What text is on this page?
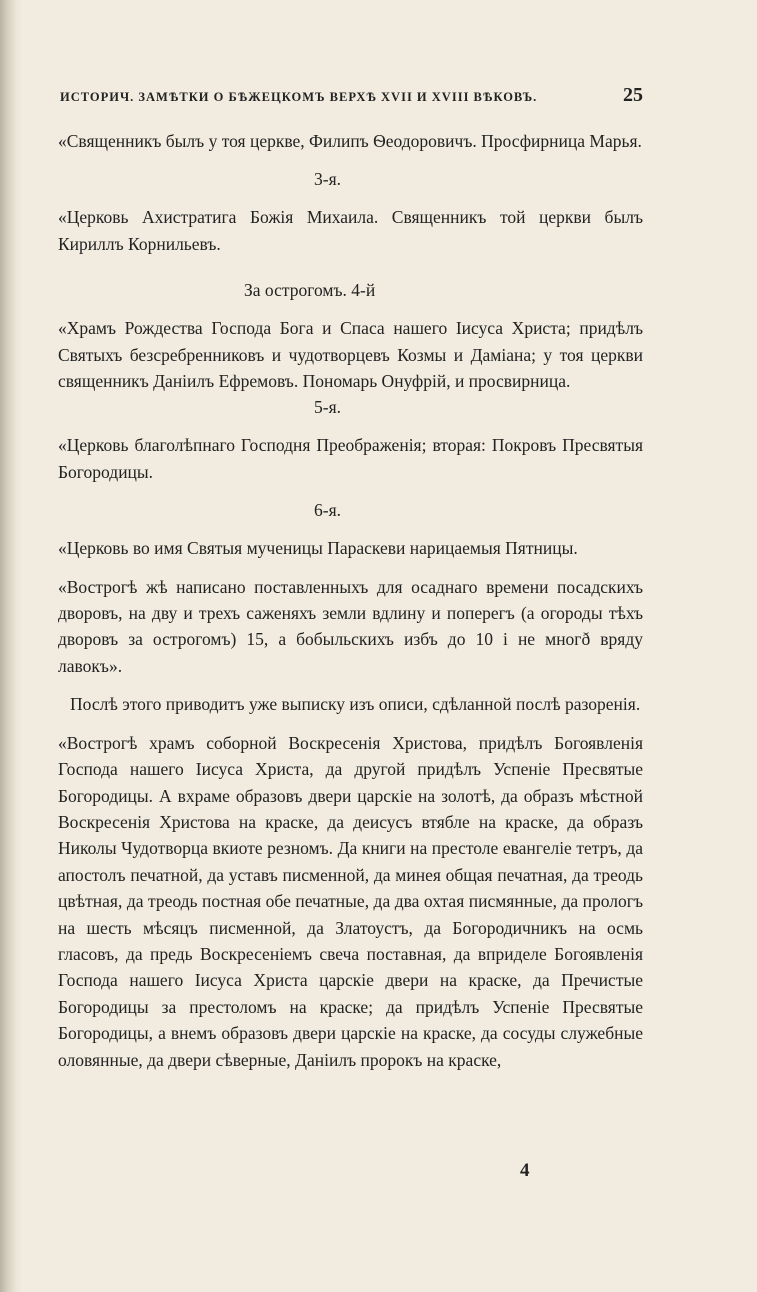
ИСТОРИЧ. ЗАМѢТКИ О БѢЖЕЦКОМЪ ВЕРХѢ XVII И XVIII ВѢКОВЪ.	25

«Священникъ былъ у тоя церкве, Филипъ Ѳеодоровичъ. Просфирница Марья.

3-я.

«Церковь Ахистратига Божія Михаила. Священникъ той церкви былъ Кириллъ Корнильевъ.

За острогомъ. 4-й

«Храмъ Рождества Господа Бога и Спаса нашего Іисуса Христа; придѣлъ Святыхъ безсребренниковъ и чудотворцевъ Козмы и Даміана; у тоя церкви священникъ Даніилъ Ефремовъ. Пономарь Онуфрій, и просвирница.

5-я.

«Церковь благолѣпнаго Господня Преображенія; вторая: Покровъ Пресвятыя Богородицы.

6-я.

«Церковь во имя Святыя мученицы Параскеви нарицаемыя Пятницы.

«Вострогѣ жѣ написано поставленныхъ для осаднаго времени посадскихъ дворовъ, на дву и трехъ саженяхъ земли вдлину и поперегъ (а огороды тѣхъ дворовъ за острогомъ) 15, а бобыльскихъ избъ до 10 і не многð вряду лавокъ».

Послѣ этого приводитъ уже выписку изъ описи, сдѣланной послѣ разоренія.

«Вострогѣ храмъ соборной Воскресенія Христова, придѣлъ Богоявленія Господа нашего Іисуса Христа, да другой придѣлъ Успеніе Пресвятые Богородицы. А вхраме образовъ двери царскіе на золотѣ, да образъ мѣстной Воскресенія Христова на краске, да деисусъ втябле на краске, да образъ Николы Чудотворца вкиоте резномъ. Да книги на престоле евангеліе тетръ, да апостолъ печатной, да уставъ писменной, да минея общая печатная, да треодь цвѣтная, да треодь постная обе печатные, да два охтая писмянные, да прологъ на шесть мѣсяцъ писменной, да Златоустъ, да Богородичникъ на осмь гласовъ, да предь Воскресеніемъ свеча поставная, да вприделе Богоявленія Господа нашего Іисуса Христа царскіе двери на краске, да Пречистые Богородицы за престоломъ на краске; да придѣлъ Успеніе Пресвятые Богородицы, а внемъ образовъ двери царскіе на краске, да сосуды служебные оловянные, да двери сѣверные, Даніилъ пророкъ на краске,

4
